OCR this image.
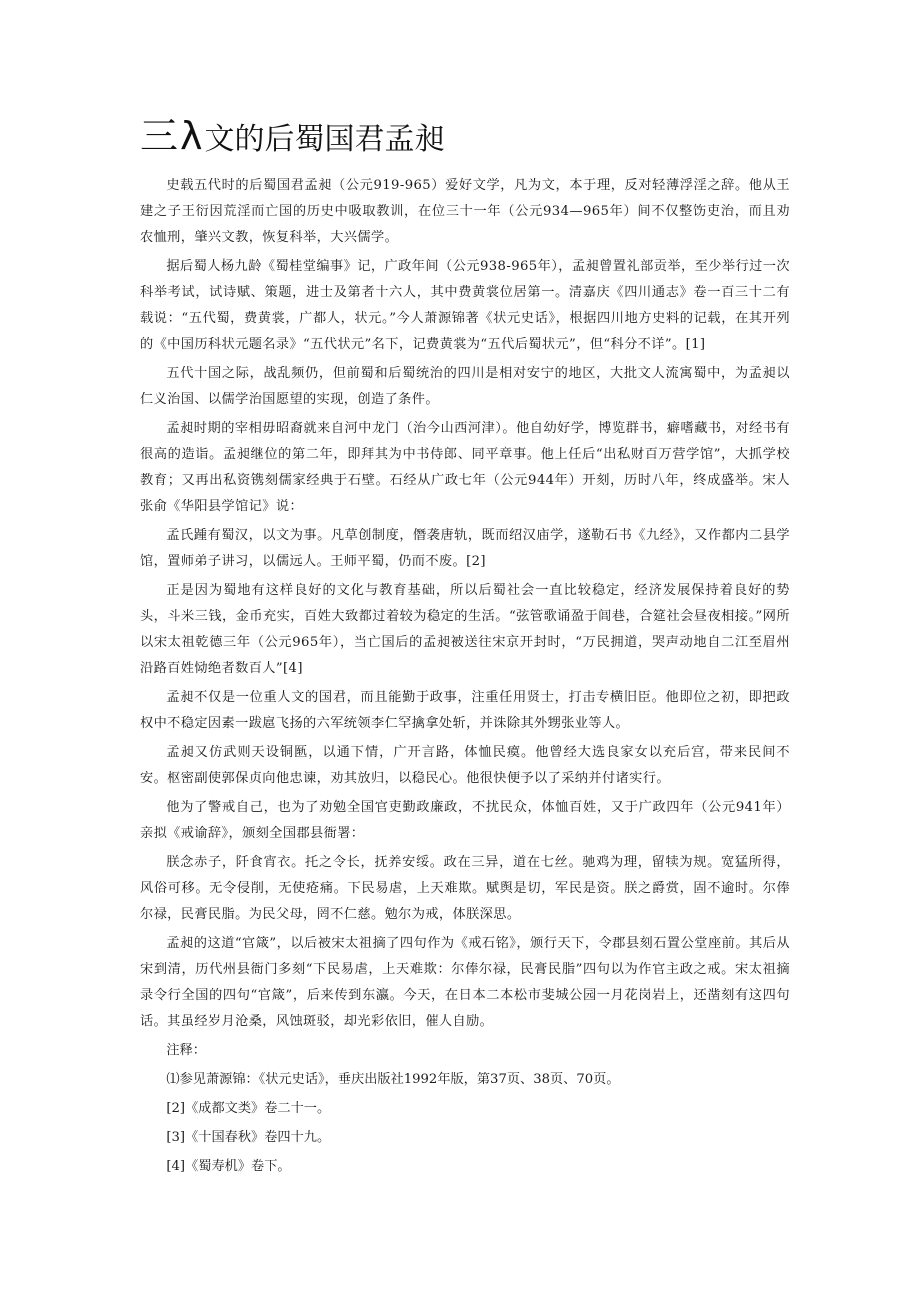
三λ文的后蜀国君孟昶

史载五代时的后蜀国君孟昶（公元919-965）爱好文学，凡为文，本于理，反对轻薄浮淫之辞。他从王建之子王衍因荒淫而亡国的历史中吸取教训，在位三十一年（公元934—965年）间不仅整饬吏治，而且劝农恤刑，肇兴文教，恢复科举，大兴儒学。

据后蜀人杨九龄《蜀桂堂编事》记，广政年间（公元938-965年），孟昶曾置礼部贡举，至少举行过一次科举考试，试诗赋、策题，进士及第者十六人，其中费黄裳位居第一。清嘉庆《四川通志》卷一百三十二有载说：“五代蜀，费黄裳，广都人，状元。”今人萧源锦著《状元史话》，根据四川地方史料的记载，在其开列的《中国历科状元题名录》“五代状元”名下，记费黄裳为“五代后蜀状元”，但“科分不详”。[1]

五代十国之际，战乱频仍，但前蜀和后蜀统治的四川是相对安宁的地区，大批文人流寓蜀中，为孟昶以仁义治国、以儒学治国愿望的实现，创造了条件。

孟昶时期的宰相毋昭裔就来自河中龙门（治今山西河津）。他自幼好学，博览群书，癖嗜藏书，对经书有很高的造诣。孟昶继位的第二年，即拜其为中书侍郎、同平章事。他上任后“出私财百万营学馆”，大抓学校教育；又再出私资镌刻儒家经典于石壁。石经从广政七年（公元944年）开刻，历时八年，终成盛举。宋人张俞《华阳县学馆记》说：

孟氏踵有蜀汉，以文为事。凡草创制度，僭袭唐轨，既而绍汉庙学，遂勒石书《九经》，又作都内二县学馆，置师弟子讲习，以儒远人。王师平蜀，仍而不废。[2]

正是因为蜀地有这样良好的文化与教育基础，所以后蜀社会一直比较稳定，经济发展保持着良好的势头，斗米三钱，金币充实，百姓大致都过着较为稳定的生活。“弦管歌诵盈于闾巷，合筵社会昼夜相接。”网所以宋太祖乾德三年（公元965年），当亡国后的孟昶被送往宋京开封时，“万民拥道，哭声动地自二江至眉州沿路百姓恸绝者数百人”[4]

孟昶不仅是一位重人文的国君，而且能勤于政事，注重任用贤士，打击专横旧臣。他即位之初，即把政权中不稳定因素一跋扈飞扬的六军统领李仁罕擒拿处斩，并诛除其外甥张业等人。

孟昶又仿武则天设铜匦，以通下情，广开言路，体恤民瘼。他曾经大选良家女以充后宫，带来民间不安。枢密副使郭保贞向他忠谏，劝其放归，以稳民心。他很快便予以了采纳并付诸实行。

他为了警戒自己，也为了劝勉全国官吏勤政廉政，不扰民众，体恤百姓，又于广政四年（公元941年）亲拟《戒谕辞》，颁刻全国郡县衙署：

朕念赤子，阡食宵衣。托之令长，抚养安绥。政在三异，道在七丝。驰鸡为理，留犊为规。宽猛所得，风俗可移。无令侵削，无使疮痛。下民易虐，上天难欺。赋舆是切，军民是资。朕之爵赏，固不逾时。尔俸尔禄，民膏民脂。为民父母，罔不仁慈。勉尔为戒，体朕深思。

孟昶的这道“官箴”，以后被宋太祖摘了四句作为《戒石铭》，颁行天下，令郡县刻石置公堂座前。其后从宋到清，历代州县衙门多刻“下民易虐，上天难欺：尔俸尔禄，民膏民脂”四句以为作官主政之戒。宋太祖摘录令行全国的四句“官箴”，后来传到东瀛。今天，在日本二本松市斐城公园一月花岗岩上，还凿刻有这四句话。其虽经岁月沧桑，风蚀斑驳，却光彩依旧，催人自励。

注释：

⑴参见萧源锦：《状元史话》，垂庆出版社1992年版，第37页、38页、70页。

[2]《成都文类》卷二十一。

[3]《十国春秋》卷四十九。

[4]《蜀寿机》卷下。
